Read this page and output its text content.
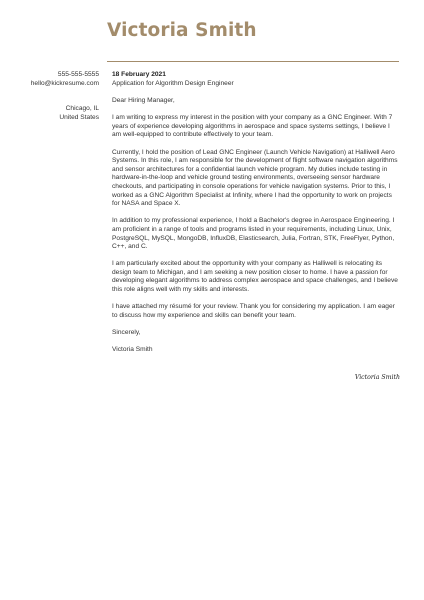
Victoria Smith
555-555-5555
hello@kickresume.com
Chicago, IL
United States
18 February 2021
Application for Algorithm Design Engineer

Dear Hiring Manager,

I am writing to express my interest in the position with your company as a GNC Engineer. With 7 years of experience developing algorithms in aerospace and space systems settings, I believe I am well-equipped to contribute effectively to your team.

Currently, I hold the position of Lead GNC Engineer (Launch Vehicle Navigation) at Halliwell Aero Systems. In this role, I am responsible for the development of flight software navigation algorithms and sensor architectures for a confidential launch vehicle program. My duties include testing in hardware-in-the-loop and vehicle ground testing environments, overseeing sensor hardware checkouts, and participating in console operations for vehicle navigation systems. Prior to this, I worked as a GNC Algorithm Specialist at Infinity, where I had the opportunity to work on projects for NASA and Space X.

In addition to my professional experience, I hold a Bachelor's degree in Aerospace Engineering. I am proficient in a range of tools and programs listed in your requirements, including Linux, Unix, PostgreSQL, MySQL, MongoDB, InfluxDB, Elasticsearch, Julia, Fortran, STK, FreeFlyer, Python, C++, and C.

I am particularly excited about the opportunity with your company as Halliwell is relocating its design team to Michigan, and I am seeking a new position closer to home. I have a passion for developing elegant algorithms to address complex aerospace and space challenges, and I believe this role aligns well with my skills and interests.

I have attached my résumé for your review. Thank you for considering my application. I am eager to discuss how my experience and skills can benefit your team.

Sincerely,

Victoria Smith

Victoria Smith
